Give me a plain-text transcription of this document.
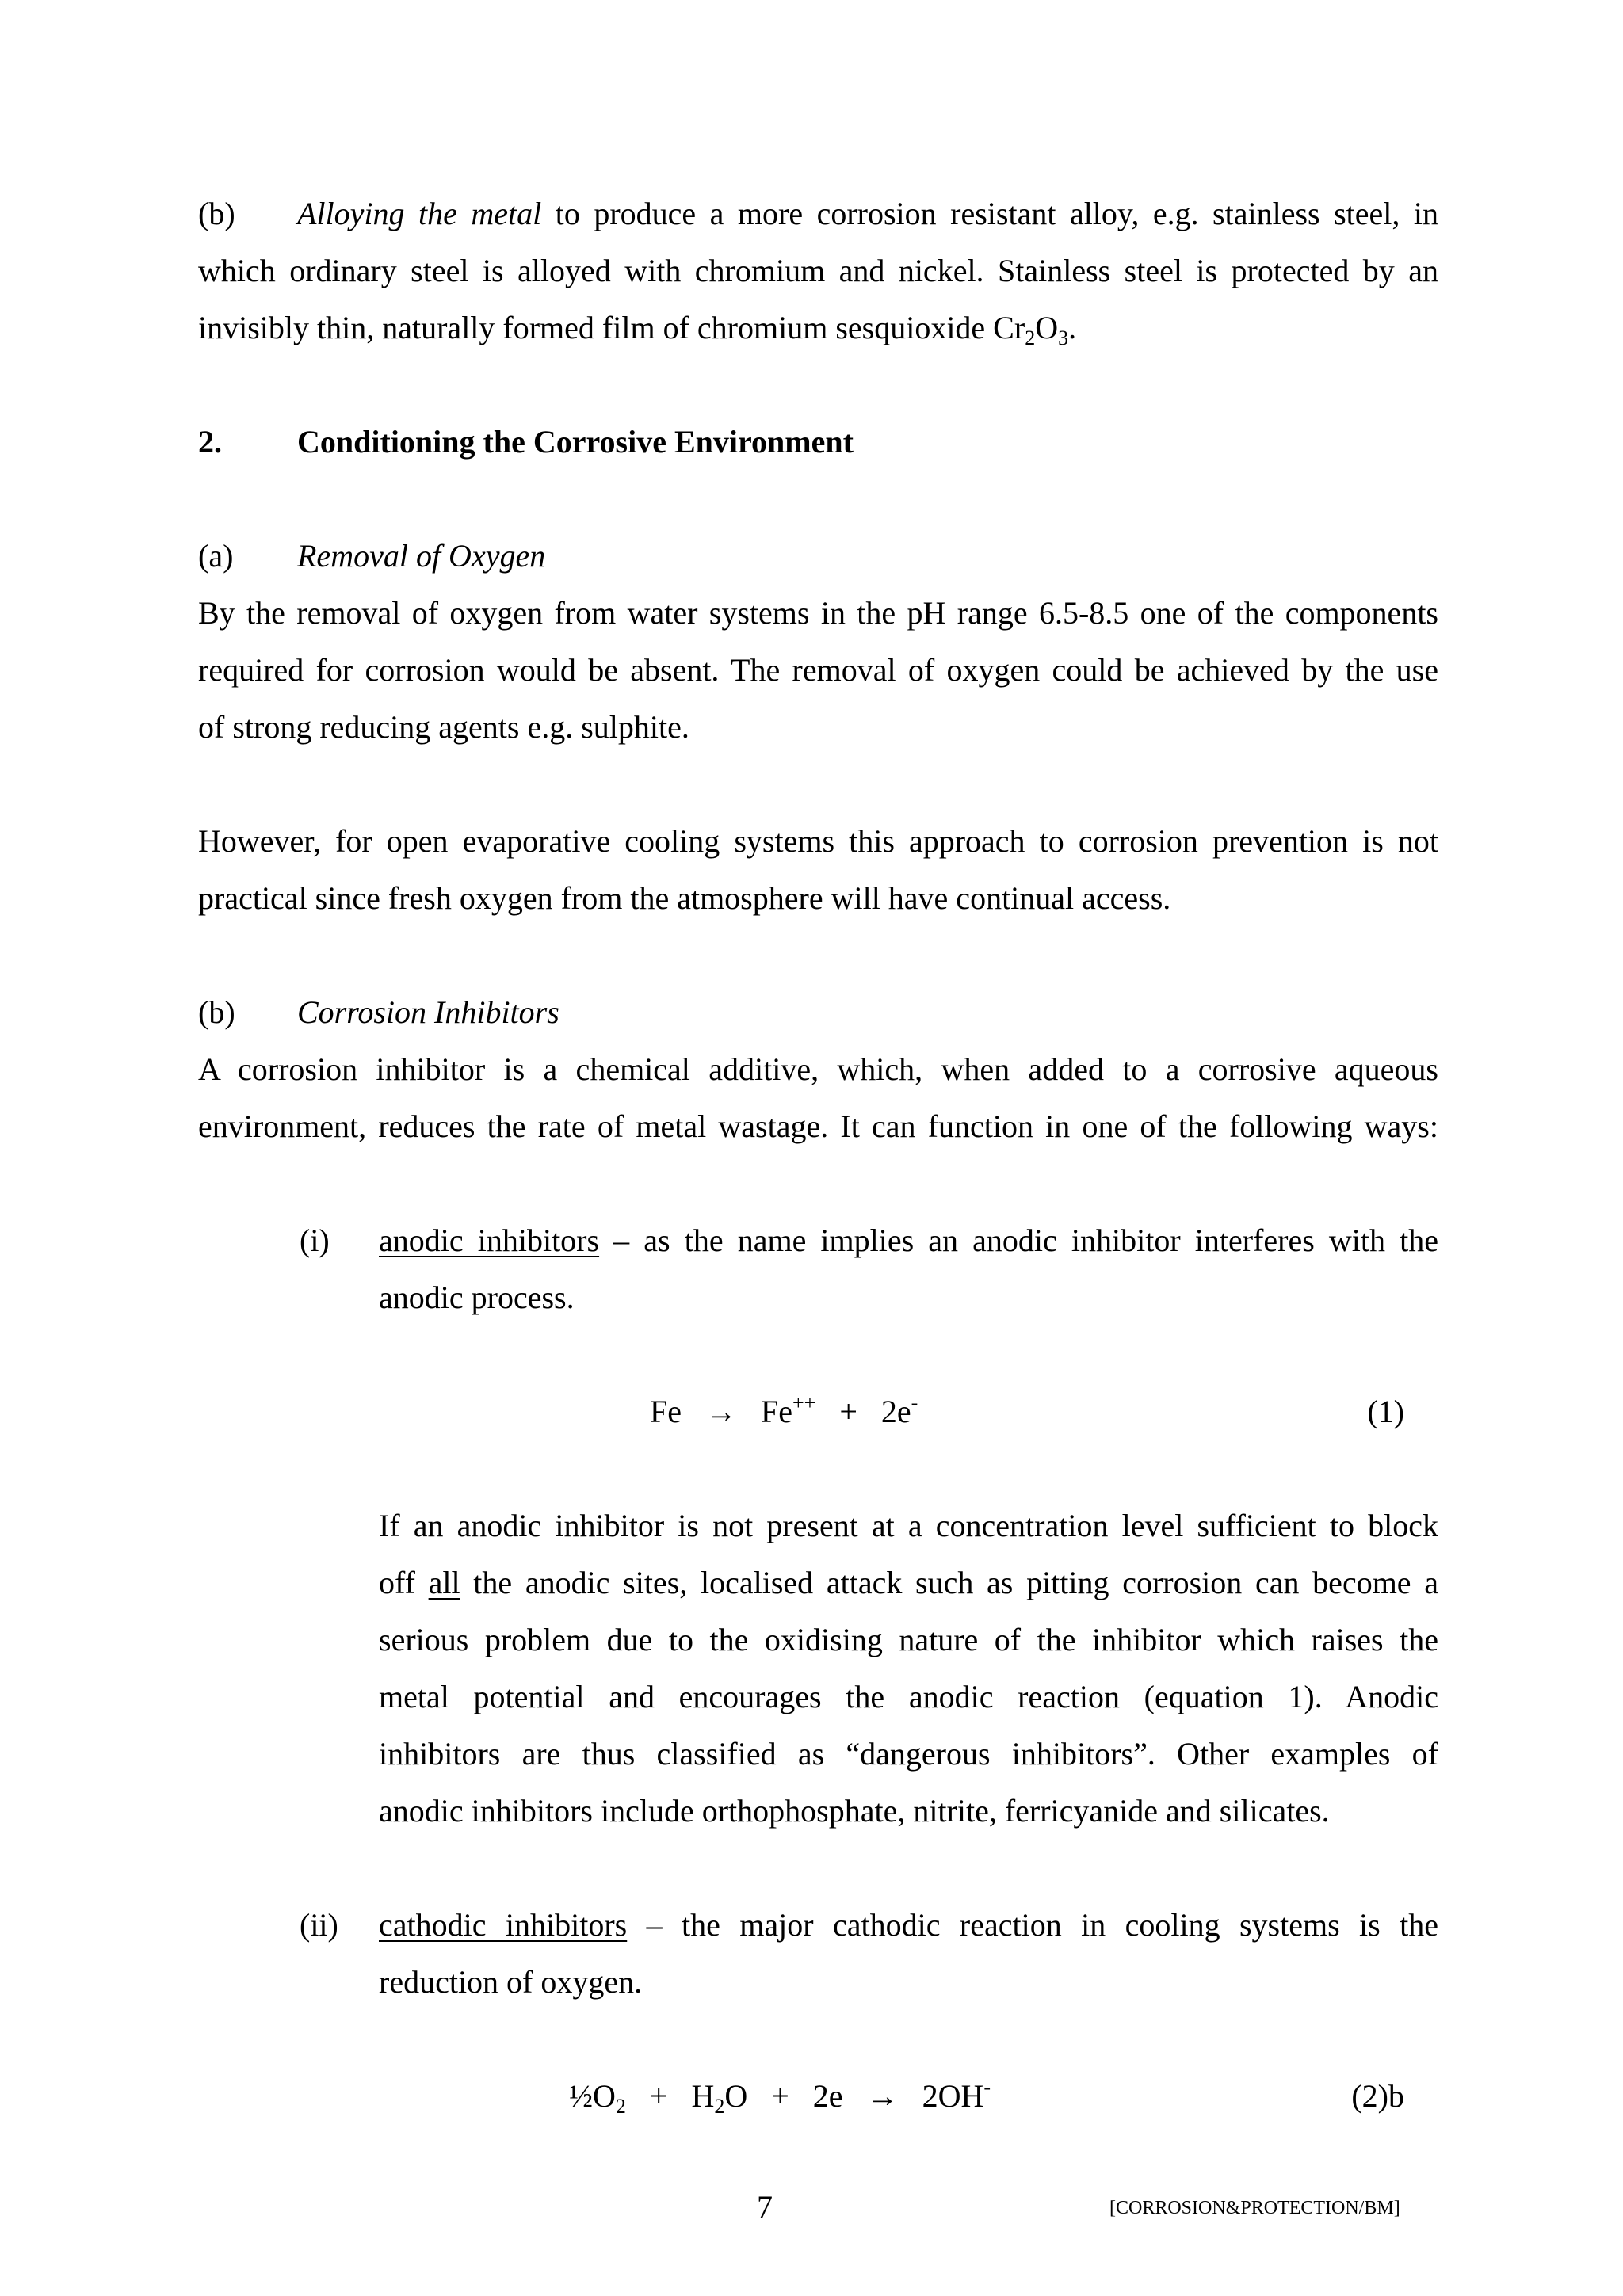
(b) Alloying the metal to produce a more corrosion resistant alloy, e.g. stainless steel, in
which ordinary steel is alloyed with chromium and nickel. Stainless steel is protected by an
invisibly thin, naturally formed film of chromium sesquioxide $Cr_2O_3$.
2. Conditioning the Corrosive Environment
(a) Removal of Oxygen
By the removal of oxygen from water systems in the pH range 6.5-8.5 one of the components
required for corrosion would be absent. The removal of oxygen could be achieved by the use
of strong reducing agents e.g. sulphite.
However, for open evaporative cooling systems this approach to corrosion prevention is not
practical since fresh oxygen from the atmosphere will have continual access.
(b) Corrosion Inhibitors
A corrosion inhibitor is a chemical additive, which, when added to a corrosive aqueous
environment, reduces the rate of metal wastage. It can function in one of the following ways:
(i) anodic inhibitors – as the name implies an anodic inhibitor interferes with the
anodic process.
Fe → Fe++ + 2e-	(1)
If an anodic inhibitor is not present at a concentration level sufficient to block
off all the anodic sites, localised attack such as pitting corrosion can become a
serious problem due to the oxidising nature of the inhibitor which raises the
metal potential and encourages the anodic reaction (equation 1). Anodic
inhibitors are thus classified as “dangerous inhibitors”. Other examples of
anodic inhibitors include orthophosphate, nitrite, ferricyanide and silicates.
(ii) cathodic inhibitors – the major cathodic reaction in cooling systems is the
reduction of oxygen.
$\frac{1}{2}O_2 + H_2O + 2e \to 2OH^-$	(2)b
7	[CORROSION&PROTECTION/BM]
